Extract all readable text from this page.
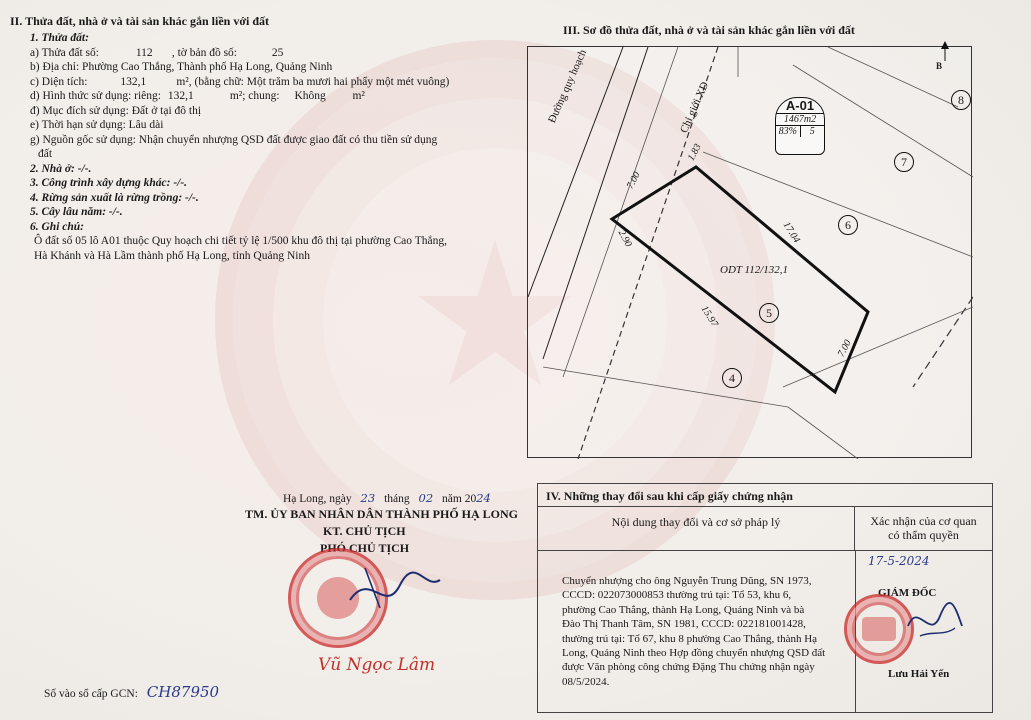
II. Thửa đất, nhà ở và tài sản khác gắn liền với đất
1. Thửa đất:
a) Thửa đất số:	112 , tờ bản đồ số:	25
b) Địa chỉ: Phường Cao Thắng, Thành phố Hạ Long, Quảng Ninh
c) Diện tích:	132,1	m², (bằng chữ: Một trăm ba mươi hai phẩy một mét vuông)
d) Hình thức sử dụng: riêng: 132,1	m²; chung: Không m²
đ) Mục đích sử dụng: Đất ở tại đô thị
e) Thời hạn sử dụng: Lâu dài
g) Nguồn gốc sử dụng: Nhận chuyển nhượng QSD đất được giao đất có thu tiền sử dụng
đất
2. Nhà ở: -/-.
3. Công trình xây dựng khác: -/-.
4. Rừng sản xuất là rừng trồng: -/-.
5. Cây lâu năm: -/-.
6. Ghi chú:
Ô đất số 05 lô A01 thuộc Quy hoạch chi tiết tỷ lệ 1/500 khu đô thị tại phường Cao Thắng,
Hà Khánh và Hà Lầm thành phố Hạ Long, tỉnh Quảng Ninh
Hạ Long, ngày 23 tháng 02 năm 2024
TM. ỦY BAN NHÂN DÂN THÀNH PHỐ HẠ LONG
KT. CHỦ TỊCH
PHÓ CHỦ TỊCH
Vũ Ngọc Lâm
Số vào sổ cấp GCN: CH87950
III. Sơ đồ thửa đất, nhà ở và tài sản khác gắn liền với đất
Đường quy hoạch	Chỉ giới XD
B
A-01
1467m2
83%	5
ODT 112/132,1
7.00
1.83
17.04
2.90
15.97
7.00
4
5
6
7
8
IV. Những thay đổi sau khi cấp giấy chứng nhận
Nội dung thay đổi và cơ sở pháp lý	Xác nhận của cơ quan
có thẩm quyền
17-5-2024
Chuyển nhượng cho ông Nguyễn Trung Dũng, SN 1973,
CCCD: 022073000853 thường trú tại: Tổ 53, khu 6,
phường Cao Thắng, thành Hạ Long, Quảng Ninh và bà
Đào Thị Thanh Tâm, SN 1981, CCCD: 022181001428,
thường trú tại: Tổ 67, khu 8 phường Cao Thắng, thành Hạ
Long, Quảng Ninh theo Hợp đồng chuyển nhượng QSD đất
được Văn phòng công chứng Đặng Thu chứng nhận ngày
08/5/2024.
GIÁM ĐỐC
Lưu Hải Yến
